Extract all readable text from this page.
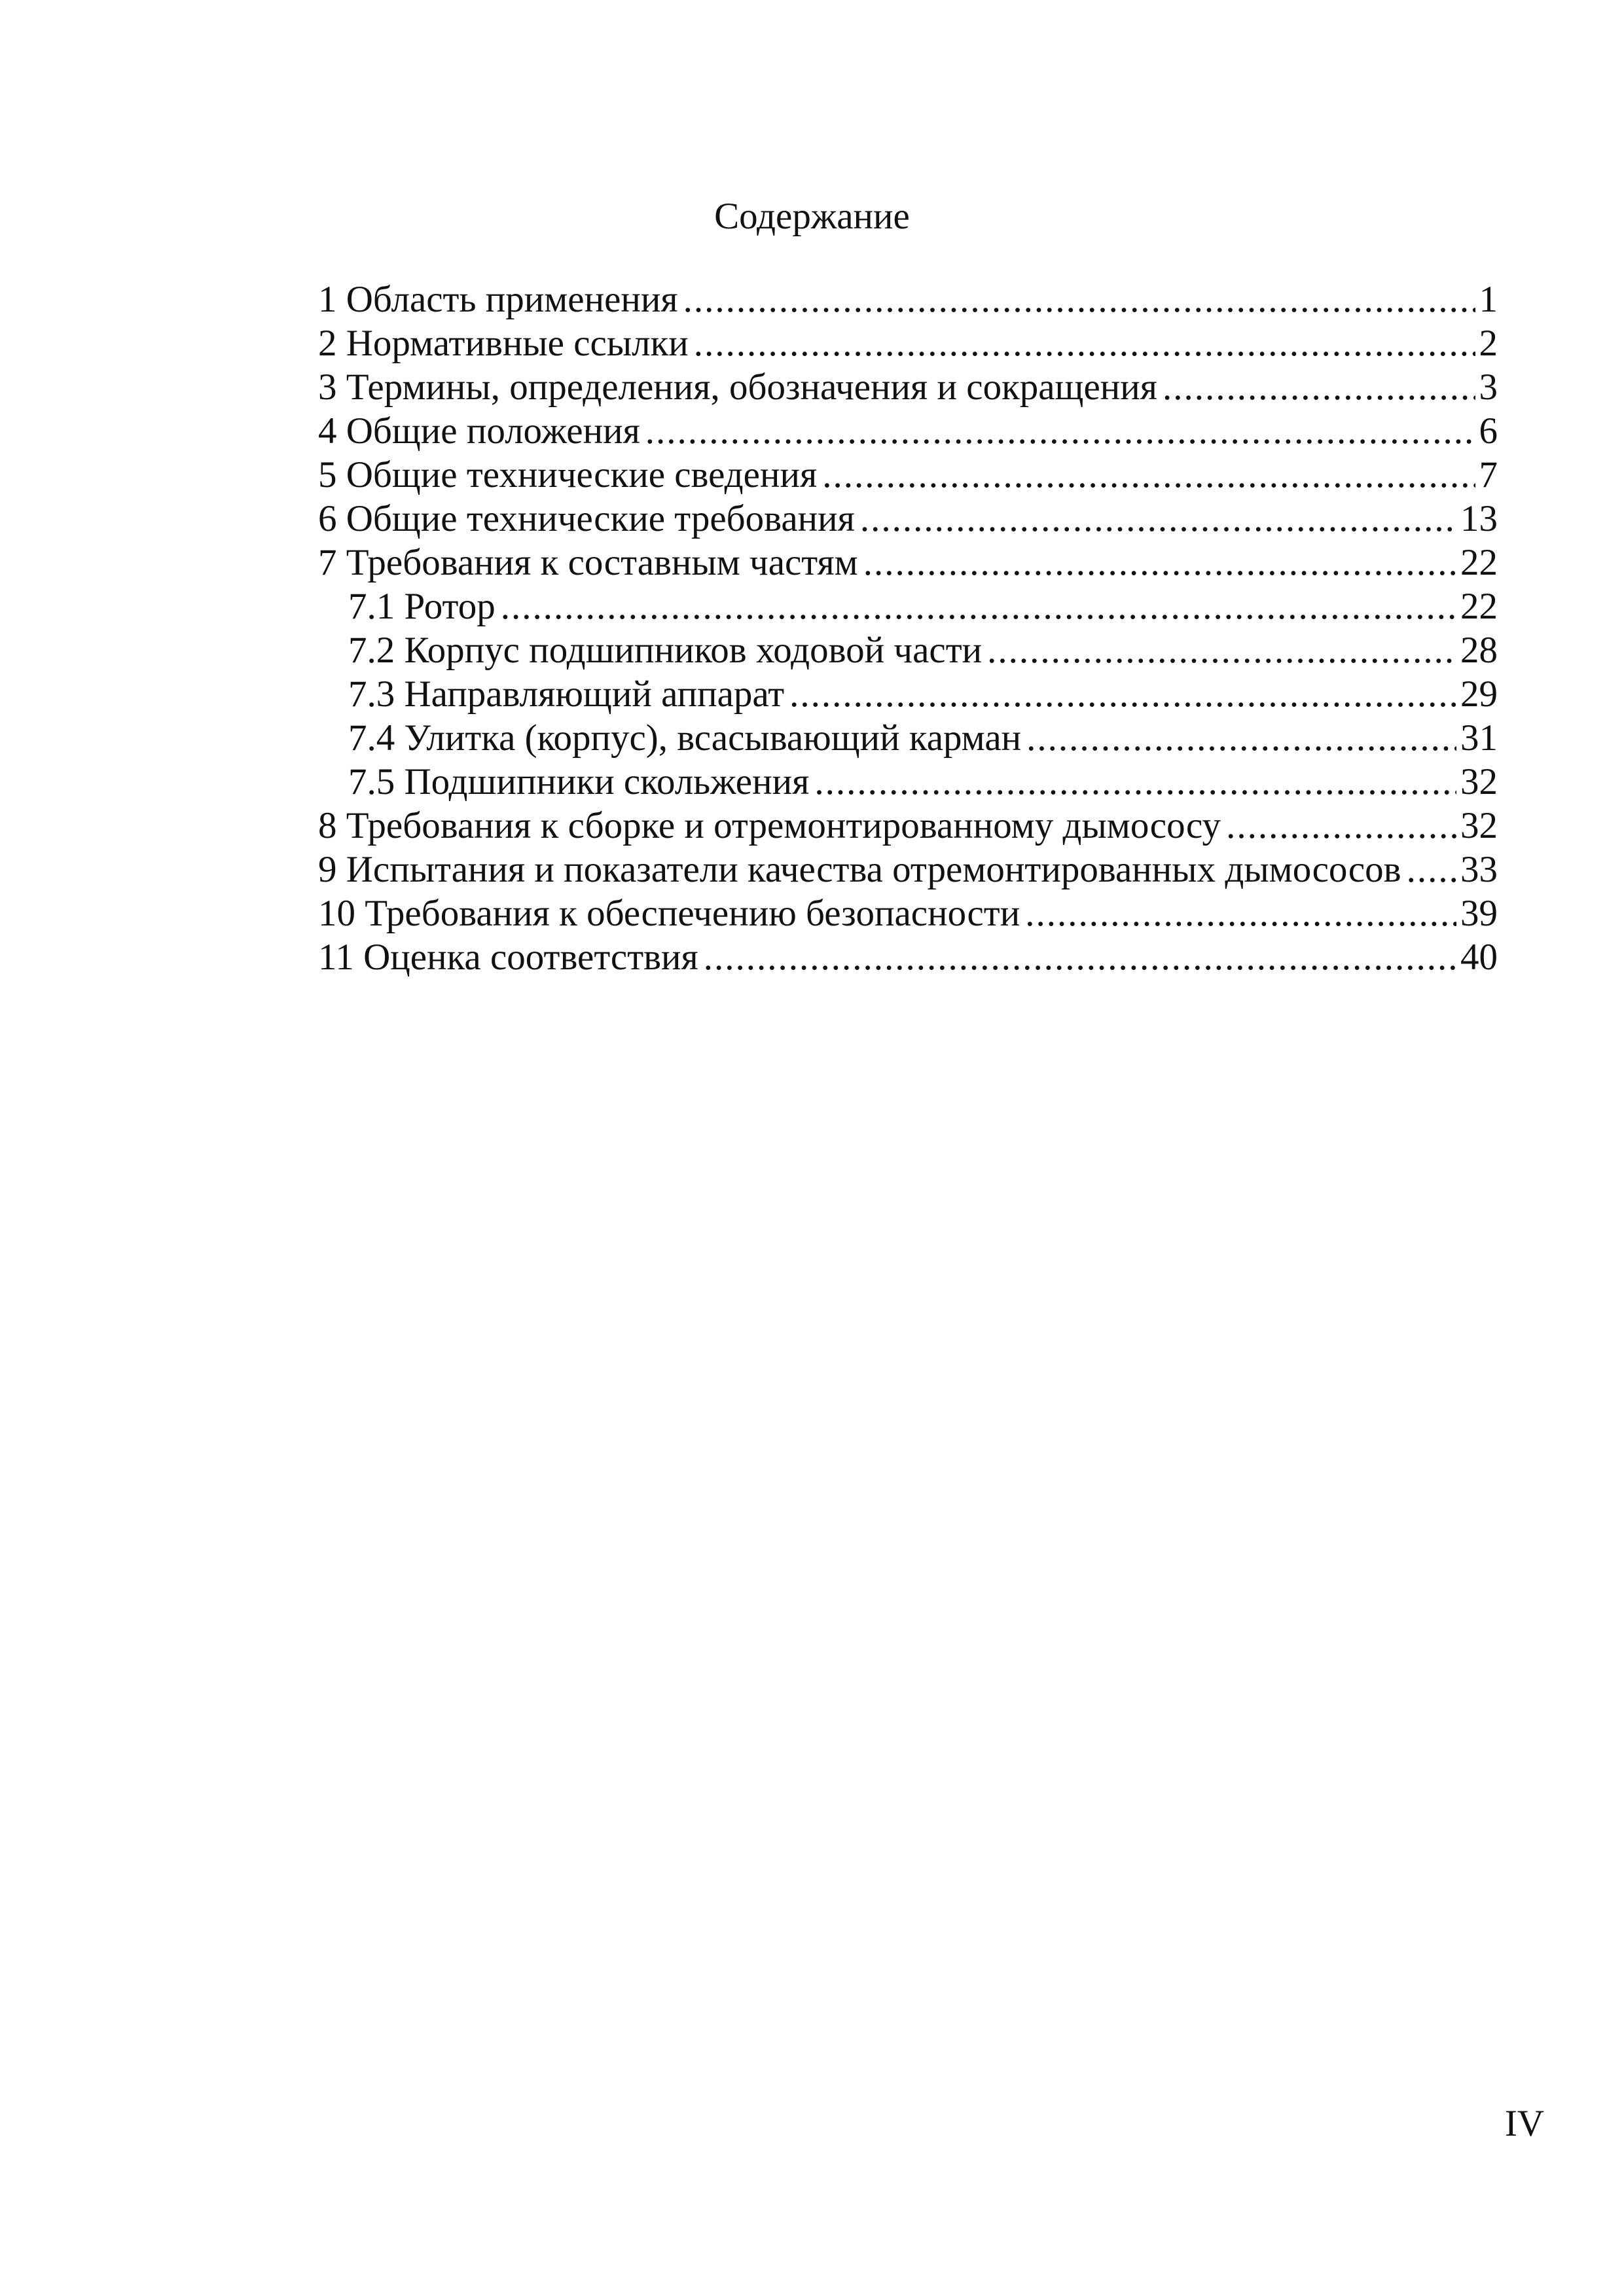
Содержание
1 Область применения .....	1
2 Нормативные ссылки .....	2
3 Термины, определения, обозначения и сокращения .....	3
4 Общие положения .....	6
5 Общие технические сведения .....	7
6 Общие технические требования .....	13
7 Требования к составным частям .....	22
7.1 Ротор .....	22
7.2 Корпус подшипников ходовой части .....	28
7.3 Направляющий аппарат .....	29
7.4 Улитка (корпус), всасывающий карман .....	31
7.5 Подшипники скольжения .....	32
8 Требования к сборке и отремонтированному дымососу .....	32
9 Испытания и показатели качества отремонтированных дымососов ..... 33
10 Требования к обеспечению безопасности .....	39
11 Оценка соответствия .....	40
IV
